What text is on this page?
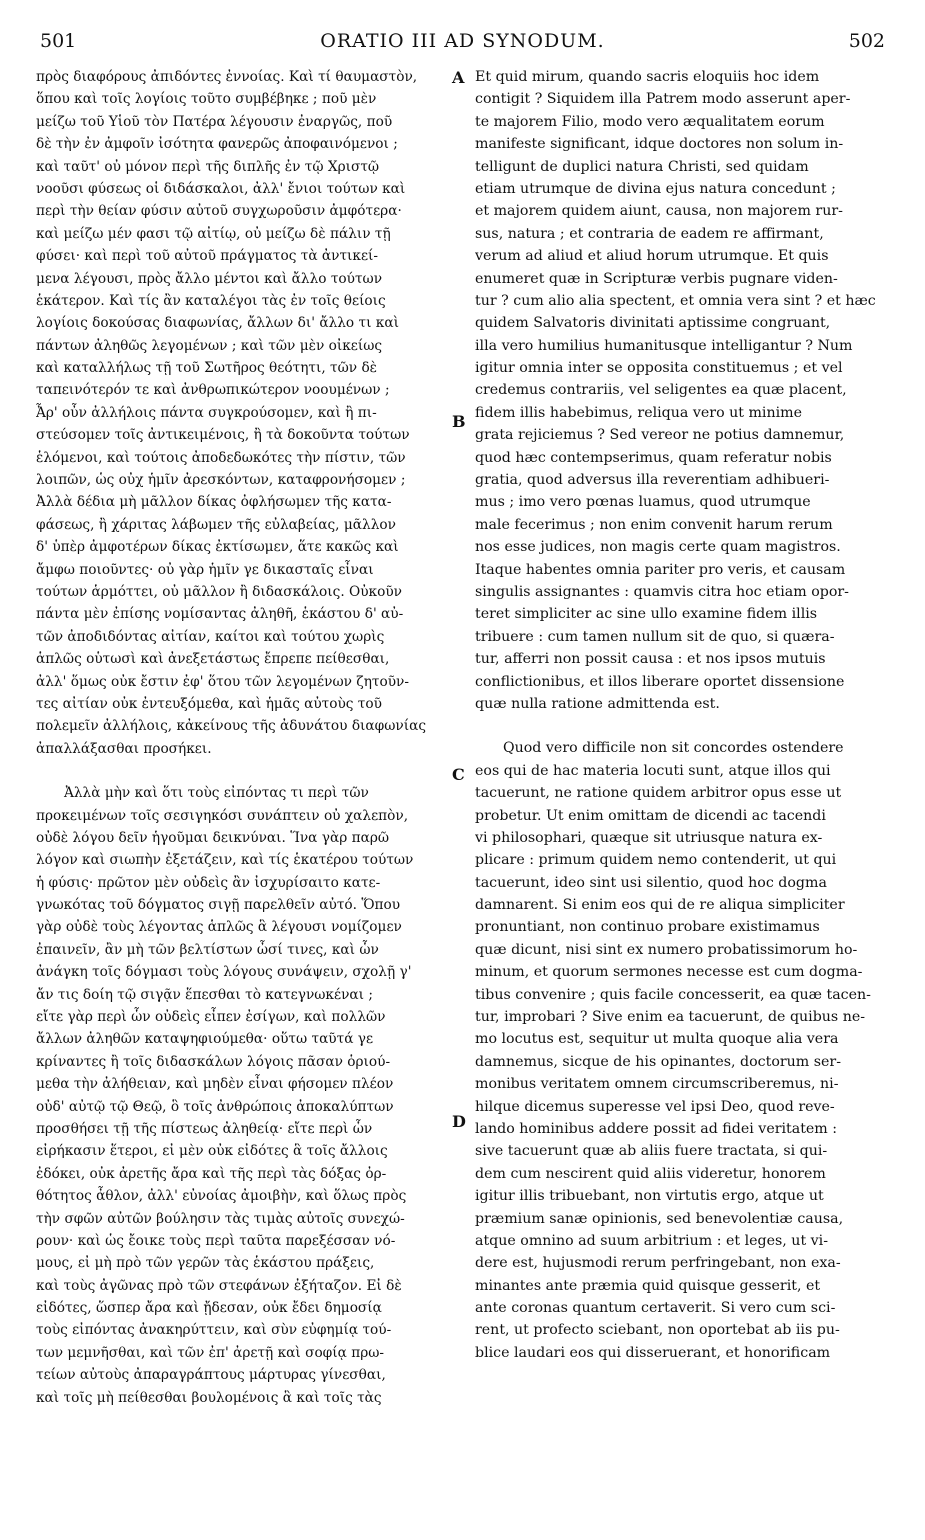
501	ORATIO III AD SYNODUM.	502
πρὸς διαφόρους ἀπιδόντες ἐννοίας. Καὶ τί θαυμαστὸν,
ὅπου καὶ τοῖς λογίοις τοῦτο συμβέβηκε ; ποῦ μὲν
μείζω τοῦ Υἱοῦ τὸν Πατέρα λέγουσιν ἐναργῶς, ποῦ
δὲ τὴν ἐν ἀμφοῖν ἰσότητα φανερῶς ἀποφαινόμενοι ;
καὶ ταῦτ' οὐ μόνον περὶ τῆς διπλῆς ἐν τῷ Χριστῷ
νοοῦσι φύσεως οἱ διδάσκαλοι, ἀλλ' ἔνιοι τούτων καὶ
περὶ τὴν θείαν φύσιν αὐτοῦ συγχωροῦσιν ἀμφότερα·
καὶ μείζω μέν φασι τῷ αἰτίῳ, οὐ μείζω δὲ πάλιν τῇ
φύσει· καὶ περὶ τοῦ αὐτοῦ πράγματος τὰ ἀντικεί-
μενα λέγουσι, πρὸς ἄλλο μέντοι καὶ ἄλλο τούτων
ἑκάτερον. Καὶ τίς ἂν καταλέγοι τὰς ἐν τοῖς θείοις
λογίοις δοκούσας διαφωνίας, ἄλλων δι' ἄλλο τι καὶ
πάντων ἀληθῶς λεγομένων ; καὶ τῶν μὲν οἰκείως
καὶ καταλλήλως τῇ τοῦ Σωτῆρος θεότητι, τῶν δὲ
ταπεινότερόν τε καὶ ἀνθρωπικώτερον νοουμένων ;
Ἆρ' οὖν ἀλλήλοις πάντα συγκρούσομεν, καὶ ἢ πι-
στεύσομεν τοῖς ἀντικειμένοις, ἢ τὰ δοκοῦντα τούτων
ἑλόμενοι, καὶ τούτοις ἀποδεδωκότες τὴν πίστιν, τῶν
λοιπῶν, ὡς οὐχ ἡμῖν ἀρεσκόντων, καταφρονήσομεν ;
Ἀλλὰ δέδια μὴ μᾶλλον δίκας ὀφλήσωμεν τῆς κατα-
φάσεως, ἢ χάριτας λάβωμεν τῆς εὐλαβείας, μᾶλλον
δ' ὑπὲρ ἀμφοτέρων δίκας ἐκτίσωμεν, ἅτε κακῶς καὶ
ἄμφω ποιοῦντες· οὐ γὰρ ἡμῖν γε δικασταῖς εἶναι
τούτων ἁρμόττει, οὐ μᾶλλον ἢ διδασκάλοις. Οὐκοῦν
πάντα μὲν ἐπίσης νομίσαντας ἀληθῆ, ἑκάστου δ' αὐ-
τῶν ἀποδιδόντας αἰτίαν, καίτοι καὶ τούτου χωρὶς
ἁπλῶς οὑτωσὶ καὶ ἀνεξετάστως ἔπρεπε πείθεσθαι,
ἀλλ' ὅμως οὐκ ἔστιν ἐφ' ὅτου τῶν λεγομένων ζητοῦν-
τες αἰτίαν οὐκ ἐντευξόμεθα, καὶ ἡμᾶς αὐτοὺς τοῦ
πολεμεῖν ἀλλήλοις, κἀκείνους τῆς ἀδυνάτου διαφωνίας
ἀπαλλάξασθαι προσήκει.
Ἀλλὰ μὴν καὶ ὅτι τοὺς εἰπόντας τι περὶ τῶν
προκειμένων τοῖς σεσιγηκόσι συνάπτειν οὐ χαλεπὸν,
οὐδὲ λόγου δεῖν ἡγοῦμαι δεικνύναι. Ἵνα γὰρ παρῶ
λόγον καὶ σιωπὴν ἐξετάζειν, καὶ τίς ἑκατέρου τούτων
ἡ φύσις· πρῶτον μὲν οὐδεὶς ἂν ἰσχυρίσαιτο κατε-
γνωκότας τοῦ δόγματος σιγῇ παρελθεῖν αὐτό. Ὅπου
γὰρ οὐδὲ τοὺς λέγοντας ἁπλῶς ἃ λέγουσι νομίζομεν
ἐπαινεῖν, ἂν μὴ τῶν βελτίστων ὦσί τινες, καὶ ὧν
ἀνάγκη τοῖς δόγμασι τοὺς λόγους συνάψειν, σχολῇ γ'
ἄν τις δοίη τῷ σιγᾷν ἕπεσθαι τὸ κατεγνωκέναι ;
εἴτε γὰρ περὶ ὧν οὐδεὶς εἶπεν ἐσίγων, καὶ πολλῶν
ἄλλων ἀληθῶν καταψηφιούμεθα· οὕτω ταῦτά γε
κρίναντες ἢ τοῖς διδασκάλων λόγοις πᾶσαν ὁριού-
μεθα τὴν ἀλήθειαν, καὶ μηδὲν εἶναι φήσομεν πλέον
οὐδ' αὐτῷ τῷ Θεῷ, ὃ τοῖς ἀνθρώποις ἀποκαλύπτων
προσθήσει τῇ τῆς πίστεως ἀληθείᾳ· εἴτε περὶ ὧν
εἰρήκασιν ἕτεροι, εἰ μὲν οὐκ εἰδότες ἃ τοῖς ἄλλοις
ἐδόκει, οὐκ ἀρετῆς ἄρα καὶ τῆς περὶ τὰς δόξας ὀρ-
θότητος ἆθλον, ἀλλ' εὐνοίας ἀμοιβὴν, καὶ ὅλως πρὸς
τὴν σφῶν αὐτῶν βούλησιν τὰς τιμὰς αὐτοῖς συνεχώ-
ρουν· καὶ ὡς ἔοικε τοὺς περὶ ταῦτα παρεξέσσαν νό-
μους, εἰ μὴ πρὸ τῶν γερῶν τὰς ἑκάστου πράξεις,
καὶ τοὺς ἀγῶνας πρὸ τῶν στεφάνων ἐξήταζον. Εἰ δὲ
εἰδότες, ὥσπερ ἄρα καὶ ᾔδεσαν, οὐκ ἔδει δημοσίᾳ
τοὺς εἰπόντας ἀνακηρύττειν, καὶ σὺν εὐφημίᾳ τού-
των μεμνῆσθαι, καὶ τῶν ἐπ' ἀρετῇ καὶ σοφίᾳ πρω-
τείων αὐτοὺς ἀπαραγράπτους μάρτυρας γίνεσθαι,
καὶ τοῖς μὴ πείθεσθαι βουλομένοις ἃ καὶ τοῖς τὰς
A
B
C
D
Et quid mirum, quando sacris eloquiis hoc idem
contigit ? Siquidem illa Patrem modo asserunt aper-
te majorem Filio, modo vero æqualitatem eorum
manifeste significant, idque doctores non solum in-
telligunt de duplici natura Christi, sed quidam
etiam utrumque de divina ejus natura concedunt ;
et majorem quidem aiunt, causa, non majorem rur-
sus, natura ; et contraria de eadem re affirmant,
verum ad aliud et aliud horum utrumque. Et quis
enumeret quæ in Scripturæ verbis pugnare viden-
tur ? cum alio alia spectent, et omnia vera sint ? et hæc
quidem Salvatoris divinitati aptissime congruant,
illa vero humilius humanitusque intelligantur ? Num
igitur omnia inter se opposita constituemus ; et vel
credemus contrariis, vel seligentes ea quæ placent,
fidem illis habebimus, reliqua vero ut minime
grata rejiciemus ? Sed vereor ne potius damnemur,
quod hæc contempserimus, quam referatur nobis
gratia, quod adversus illa reverentiam adhibueri-
mus ; imo vero pœnas luamus, quod utrumque
male fecerimus ; non enim convenit harum rerum
nos esse judices, non magis certe quam magistros.
Itaque habentes omnia pariter pro veris, et causam
singulis assignantes : quamvis citra hoc etiam opor-
teret simpliciter ac sine ullo examine fidem illis
tribuere : cum tamen nullum sit de quo, si quæra-
tur, afferri non possit causa : et nos ipsos mutuis
conflictionibus, et illos liberare oportet dissensione
quæ nulla ratione admittenda est.
Quod vero difficile non sit concordes ostendere
eos qui de hac materia locuti sunt, atque illos qui
tacuerunt, ne ratione quidem arbitror opus esse ut
probetur. Ut enim omittam de dicendi ac tacendi
vi philosophari, quæque sit utriusque natura ex-
plicare : primum quidem nemo contenderit, ut qui
tacuerunt, ideo sint usi silentio, quod hoc dogma
damnarent. Si enim eos qui de re aliqua simpliciter
pronuntiant, non continuo probare existimamus
quæ dicunt, nisi sint ex numero probatissimorum ho-
minum, et quorum sermones necesse est cum dogma-
tibus convenire ; quis facile concesserit, ea quæ tacen-
tur, improbari ? Sive enim ea tacuerunt, de quibus ne-
mo locutus est, sequitur ut multa quoque alia vera
damnemus, sicque de his opinantes, doctorum ser-
monibus veritatem omnem circumscriberemus, ni-
hilque dicemus superesse vel ipsi Deo, quod reve-
lando hominibus addere possit ad fidei veritatem :
sive tacuerunt quæ ab aliis fuere tractata, si qui-
dem cum nescirent quid aliis videretur, honorem
igitur illis tribuebant, non virtutis ergo, atque ut
præmium sanæ opinionis, sed benevolentiæ causa,
atque omnino ad suum arbitrium : et leges, ut vi-
dere est, hujusmodi rerum perfringebant, non exa-
minantes ante præmia quid quisque gesserit, et
ante coronas quantum certaverit. Si vero cum sci-
rent, ut profecto sciebant, non oportebat ab iis pu-
blice laudari eos qui disseruerant, et honorificam
